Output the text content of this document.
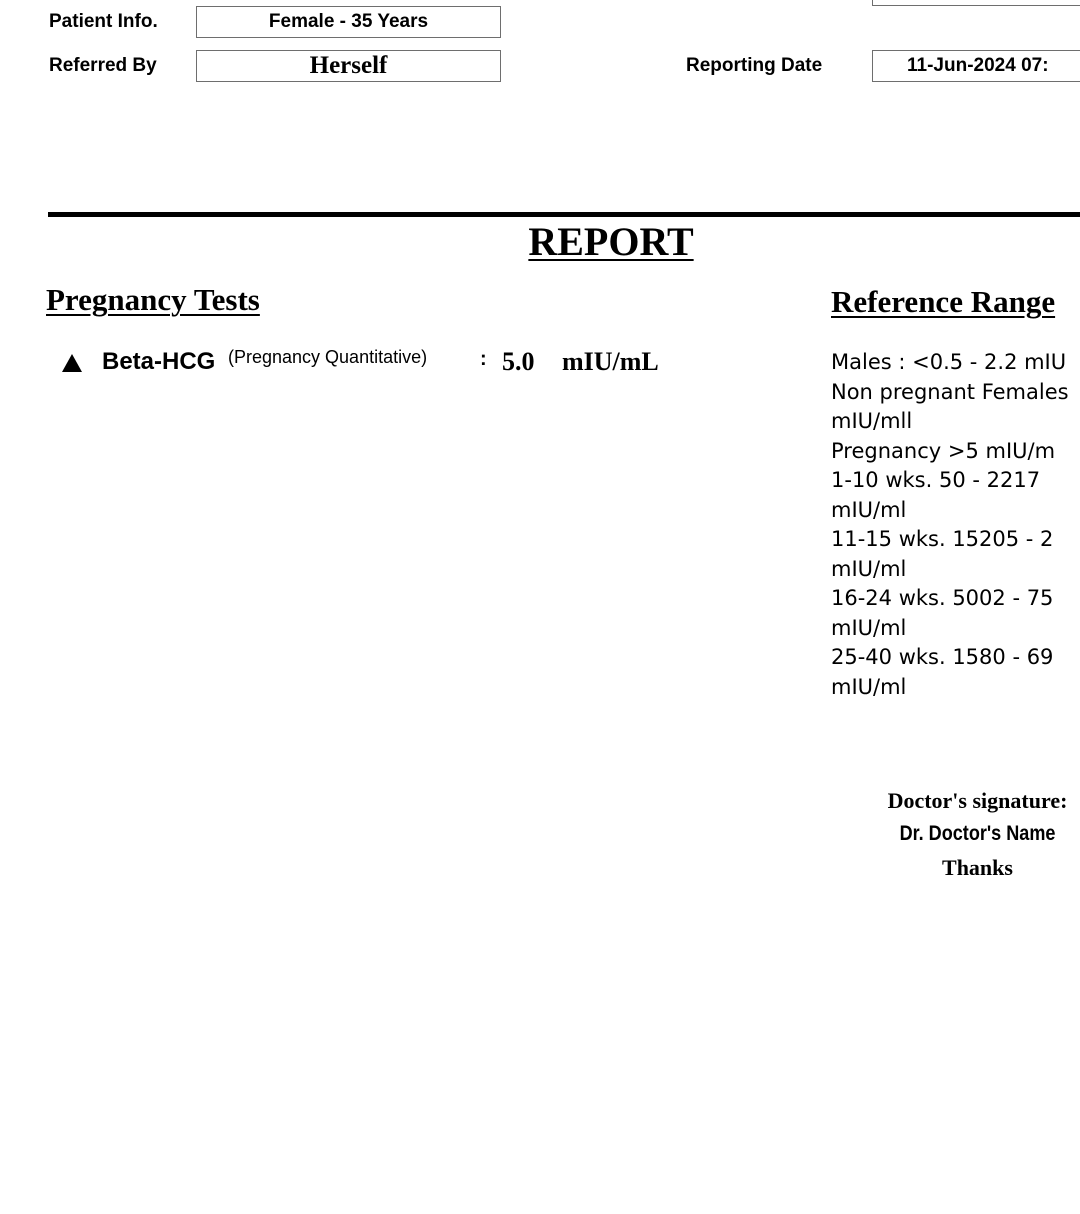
Patient Info.	Female - 35 Years
Referred By	Herself	Reporting Date	11-Jun-2024 07:
REPORT
Pregnancy Tests	Reference Range
Beta-HCG (Pregnancy Quantitative)	: 5.0 mIU/mL	Males : <0.5 - 2.2 mIU
Non pregnant Females
mIU/mll
Pregnancy >5 mIU/m
1-10 wks. 50 - 2217
mIU/ml
11-15 wks. 15205 - 2
mIU/ml
16-24 wks. 5002 - 75
mIU/ml
25-40 wks. 1580 - 69
mIU/ml
Doctor's signature:
Dr. Doctor's Name
Thanks
